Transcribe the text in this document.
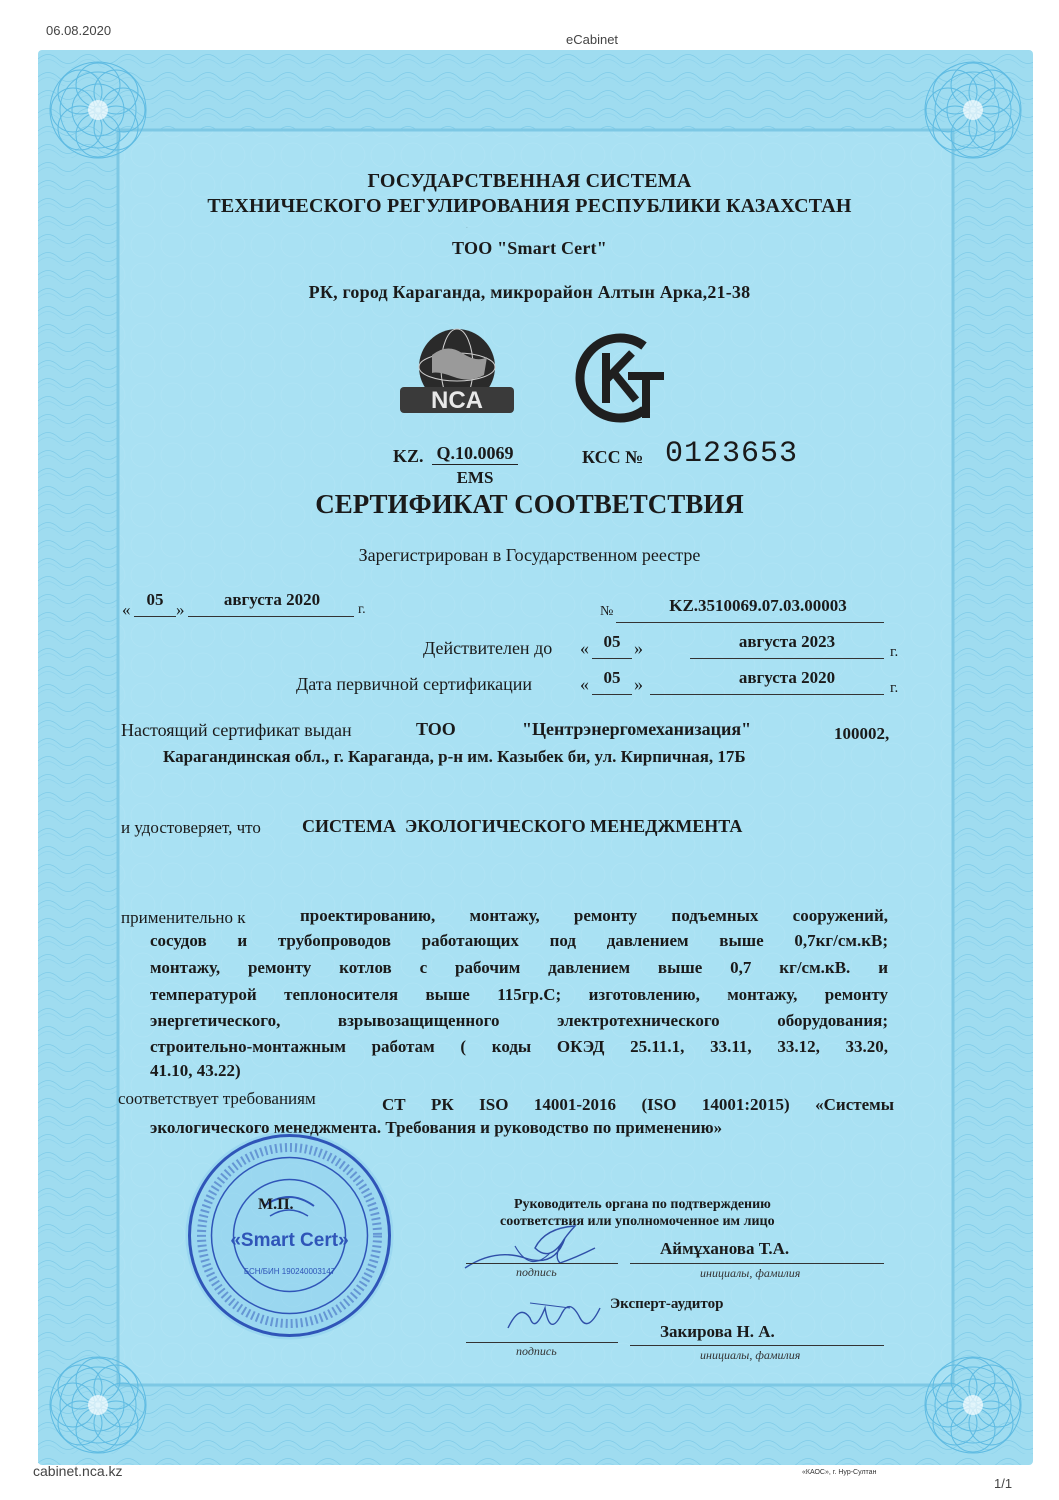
06.08.2020
eCabinet
ГОСУДАРСТВЕННАЯ СИСТЕМА
ТЕХНИЧЕСКОГО РЕГУЛИРОВАНИЯ РЕСПУБЛИКИ КАЗАХСТАН
ТОО "Smart Cert"
РК, город Караганда, микрорайон Алтын Арка,21-38
NCA
KT
KZ. Q.10.0069
EMS
КСС № 0123653
СЕРТИФИКАТ СООТВЕТСТВИЯ
Зарегистрирован в Государственном реестре
«
05
»
августа 2020
г.	№	KZ.3510069.07.03.00003
Действителен до « 05 »	августа 2023
г.
Дата первичной сертификации	« 05 »	августа 2020
г.
Настоящий сертификат выдан	ТОО	"Центрэнергомеханизация"	100002,
Карагандинская обл., г. Караганда, р-н им. Казыбек би, ул. Кирпичная, 17Б
и удостоверяет, что СИСТЕМА  ЭКОЛОГИЧЕСКОГО МЕНЕДЖМЕНТА
применительно к	проектированию, монтажу, ремонту подъемных сооружений,
сосудов и трубопроводов работающих под давлением выше 0,7кг/см.кВ;
монтажу, ремонту котлов с рабочим давлением выше 0,7 кг/см.кВ. и
температурой теплоносителя выше 115гр.С; изготовлению, монтажу, ремонту
энергетического, взрывозащищенного электротехнического оборудования;
строительно-монтажным работам ( коды ОКЭД 25.11.1, 33.11, 33.12, 33.20,
41.10, 43.22)
соответствует требованиям	СТ РК ISO 14001-2016 (ISO 14001:2015) «Системы
экологического менеджмента. Требования и руководство по применению»
«Smart Cert»
БСН/БИН 190240003147
М.П.	Руководитель органа по подтверждению
соответствия или уполномоченное им лицо
Аймұханова Т.А.
подпись	инициалы, фамилия
Эксперт-аудитор
Закирова Н. А.
подпись	инициалы, фамилия
cabinet.nca.kz	«КАОС», г. Нур-Султан
1/1
